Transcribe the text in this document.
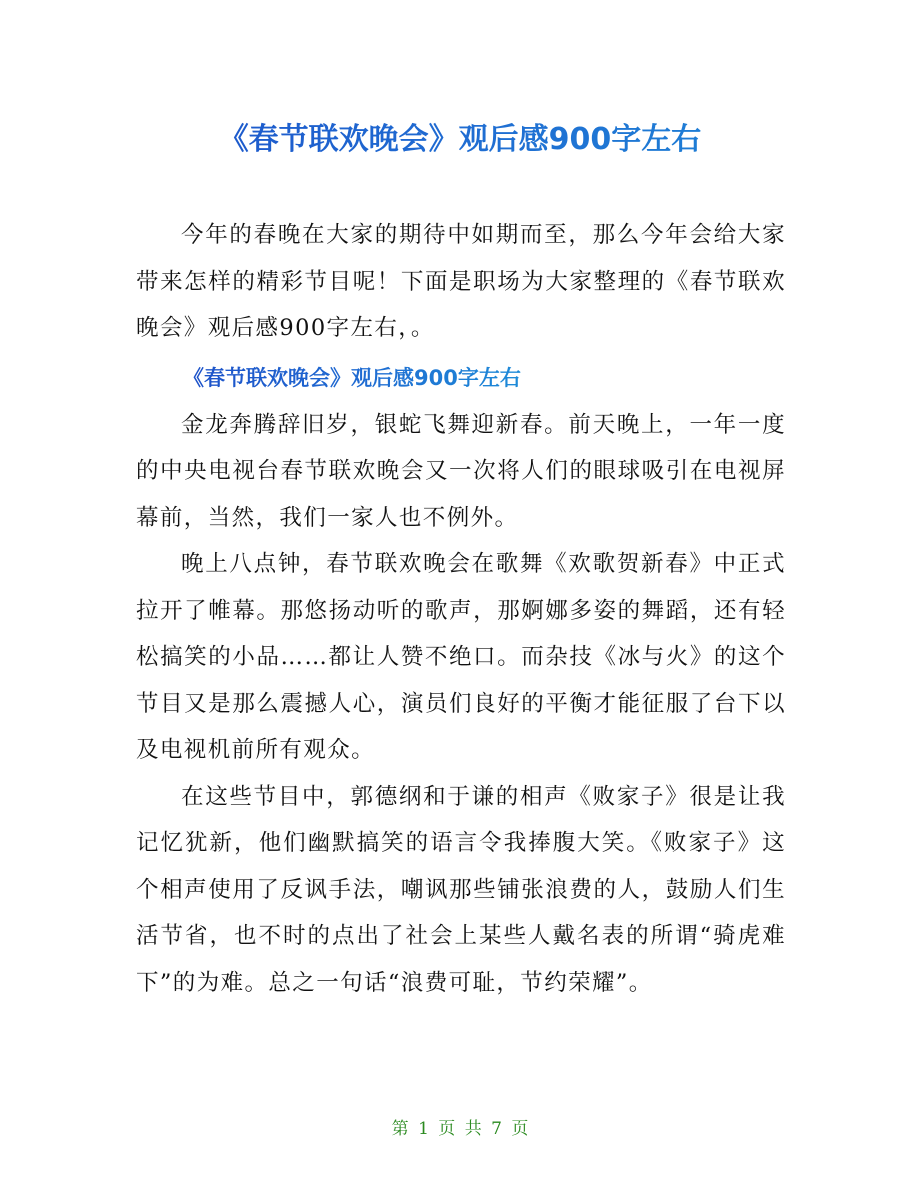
《春节联欢晚会》观后感900字左右

今年的春晚在大家的期待中如期而至，那么今年会给大家带来怎样的精彩节目呢！下面是职场为大家整理的《春节联欢晚会》观后感900字左右，。

《春节联欢晚会》观后感900字左右

金龙奔腾辞旧岁，银蛇飞舞迎新春。前天晚上，一年一度的中央电视台春节联欢晚会又一次将人们的眼球吸引在电视屏幕前，当然，我们一家人也不例外。

晚上八点钟，春节联欢晚会在歌舞《欢歌贺新春》中正式拉开了帷幕。那悠扬动听的歌声，那婀娜多姿的舞蹈，还有轻松搞笑的小品……都让人赞不绝口。而杂技《冰与火》的这个节目又是那么震撼人心，演员们良好的平衡才能征服了台下以及电视机前所有观众。

在这些节目中，郭德纲和于谦的相声《败家子》很是让我记忆犹新，他们幽默搞笑的语言令我捧腹大笑。《败家子》这个相声使用了反讽手法，嘲讽那些铺张浪费的人，鼓励人们生活节省，也不时的点出了社会上某些人戴名表的所谓“骑虎难下”的为难。总之一句话“浪费可耻，节约荣耀”。

第 1 页 共 7 页
